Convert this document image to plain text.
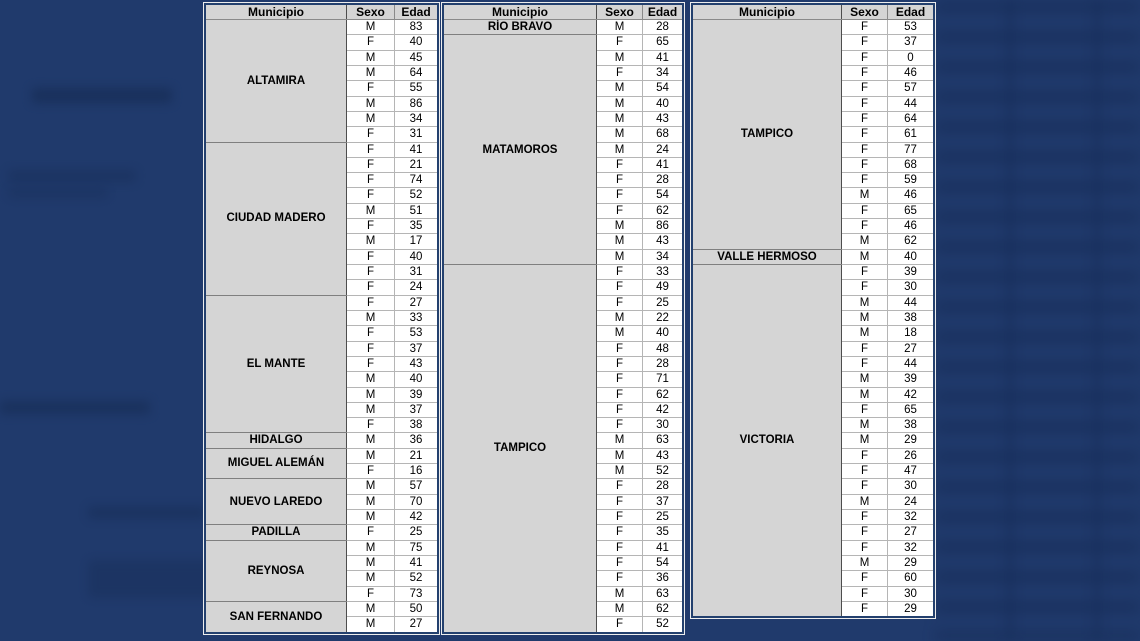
Municipio	Sexo	Edad
ALTAMIRA	M	83
	F	40
	M	45
	M	64
	F	55
	M	86
	M	34
	F	31
CIUDAD MADERO	F	41
	F	21
	F	74
	F	52
	M	51
	F	35
	M	17
	F	40
	F	31
	F	24
EL MANTE	F	27
	M	33
	F	53
	F	37
	F	43
	M	40
	M	39
	M	37
	F	38
HIDALGO	M	36
MIGUEL ALEMÁN	M	21
	F	16
NUEVO LAREDO	M	57
	M	70
	M	42
PADILLA	F	25
REYNOSA	M	75
	M	41
	M	52
	F	73
SAN FERNANDO	M	50
	M	27
Municipio	Sexo	Edad
RÍO BRAVO	M	28
MATAMOROS	F	65
	M	41
	F	34
	M	54
	M	40
	M	43
	M	68
	M	24
	F	41
	F	28
	F	54
	F	62
	M	86
	M	43
	M	34
TAMPICO	F	33
	F	49
	F	25
	M	22
	M	40
	F	48
	F	28
	F	71
	F	62
	F	42
	F	30
	M	63
	M	43
	M	52
	F	28
	F	37
	F	25
	F	35
	F	41
	F	54
	F	36
	M	63
	M	62
	F	52
Municipio	Sexo	Edad
TAMPICO	F	53
	F	37
	F	0
	F	46
	F	57
	F	44
	F	64
	F	61
	F	77
	F	68
	F	59
	M	46
	F	65
	F	46
	M	62
VALLE HERMOSO	M	40
VICTORIA	F	39
	F	30
	M	44
	M	38
	M	18
	F	27
	F	44
	M	39
	M	42
	F	65
	M	38
	M	29
	F	26
	F	47
	F	30
	M	24
	F	32
	F	27
	F	32
	M	29
	F	60
	F	30
	F	29
